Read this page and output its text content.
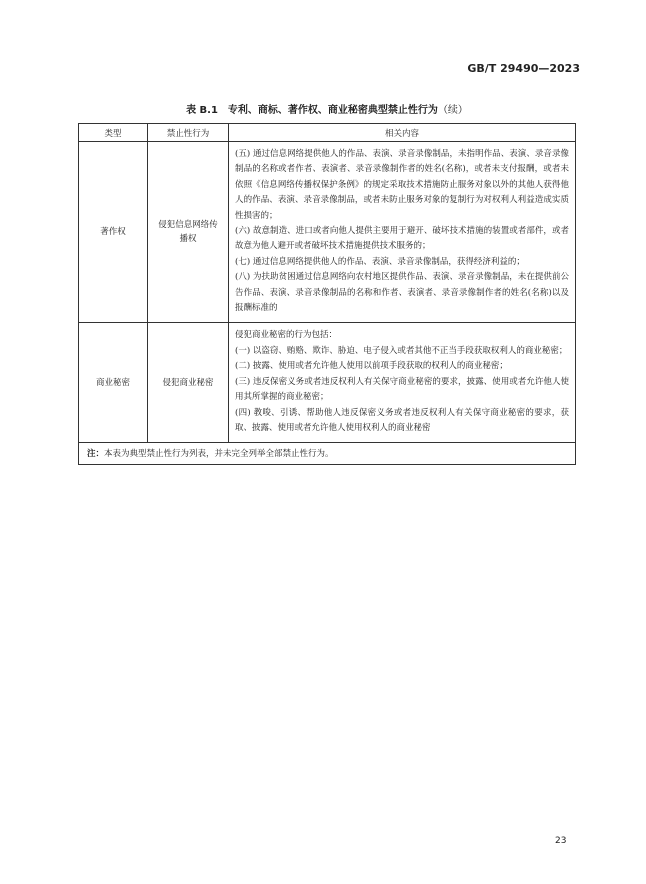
GB/T 29490—2023
表 B.1　专利、商标、著作权、商业秘密典型禁止性行为（续）
类型	禁止性行为	相关内容
著作权	侵犯信息网络传播权	(五) 通过信息网络提供他人的作品、表演、录音录像制品，未指明作品、表演、录音录像制品的名称或者作者、表演者、录音录像制作者的姓名(名称)，或者未支付报酬，或者未依照《信息网络传播权保护条例》的规定采取技术措施防止服务对象以外的其他人获得他人的作品、表演、录音录像制品，或者未防止服务对象的复制行为对权利人利益造成实质性损害的；
(六) 故意制造、进口或者向他人提供主要用于避开、破坏技术措施的装置或者部件，或者故意为他人避开或者破坏技术措施提供技术服务的；
(七) 通过信息网络提供他人的作品、表演、录音录像制品，获得经济利益的；
(八) 为扶助贫困通过信息网络向农村地区提供作品、表演、录音录像制品，未在提供前公告作品、表演、录音录像制品的名称和作者、表演者、录音录像制作者的姓名(名称)以及报酬标准的

商业秘密	侵犯商业秘密	侵犯商业秘密的行为包括：
(一) 以盗窃、贿赂、欺诈、胁迫、电子侵入或者其他不正当手段获取权利人的商业秘密；
(二) 披露、使用或者允许他人使用以前项手段获取的权利人的商业秘密；
(三) 违反保密义务或者违反权利人有关保守商业秘密的要求，披露、使用或者允许他人使用其所掌握的商业秘密；
(四) 教唆、引诱、帮助他人违反保密义务或者违反权利人有关保守商业秘密的要求，获取、披露、使用或者允许他人使用权利人的商业秘密

注：本表为典型禁止性行为列表，并未完全列举全部禁止性行为。		
23
